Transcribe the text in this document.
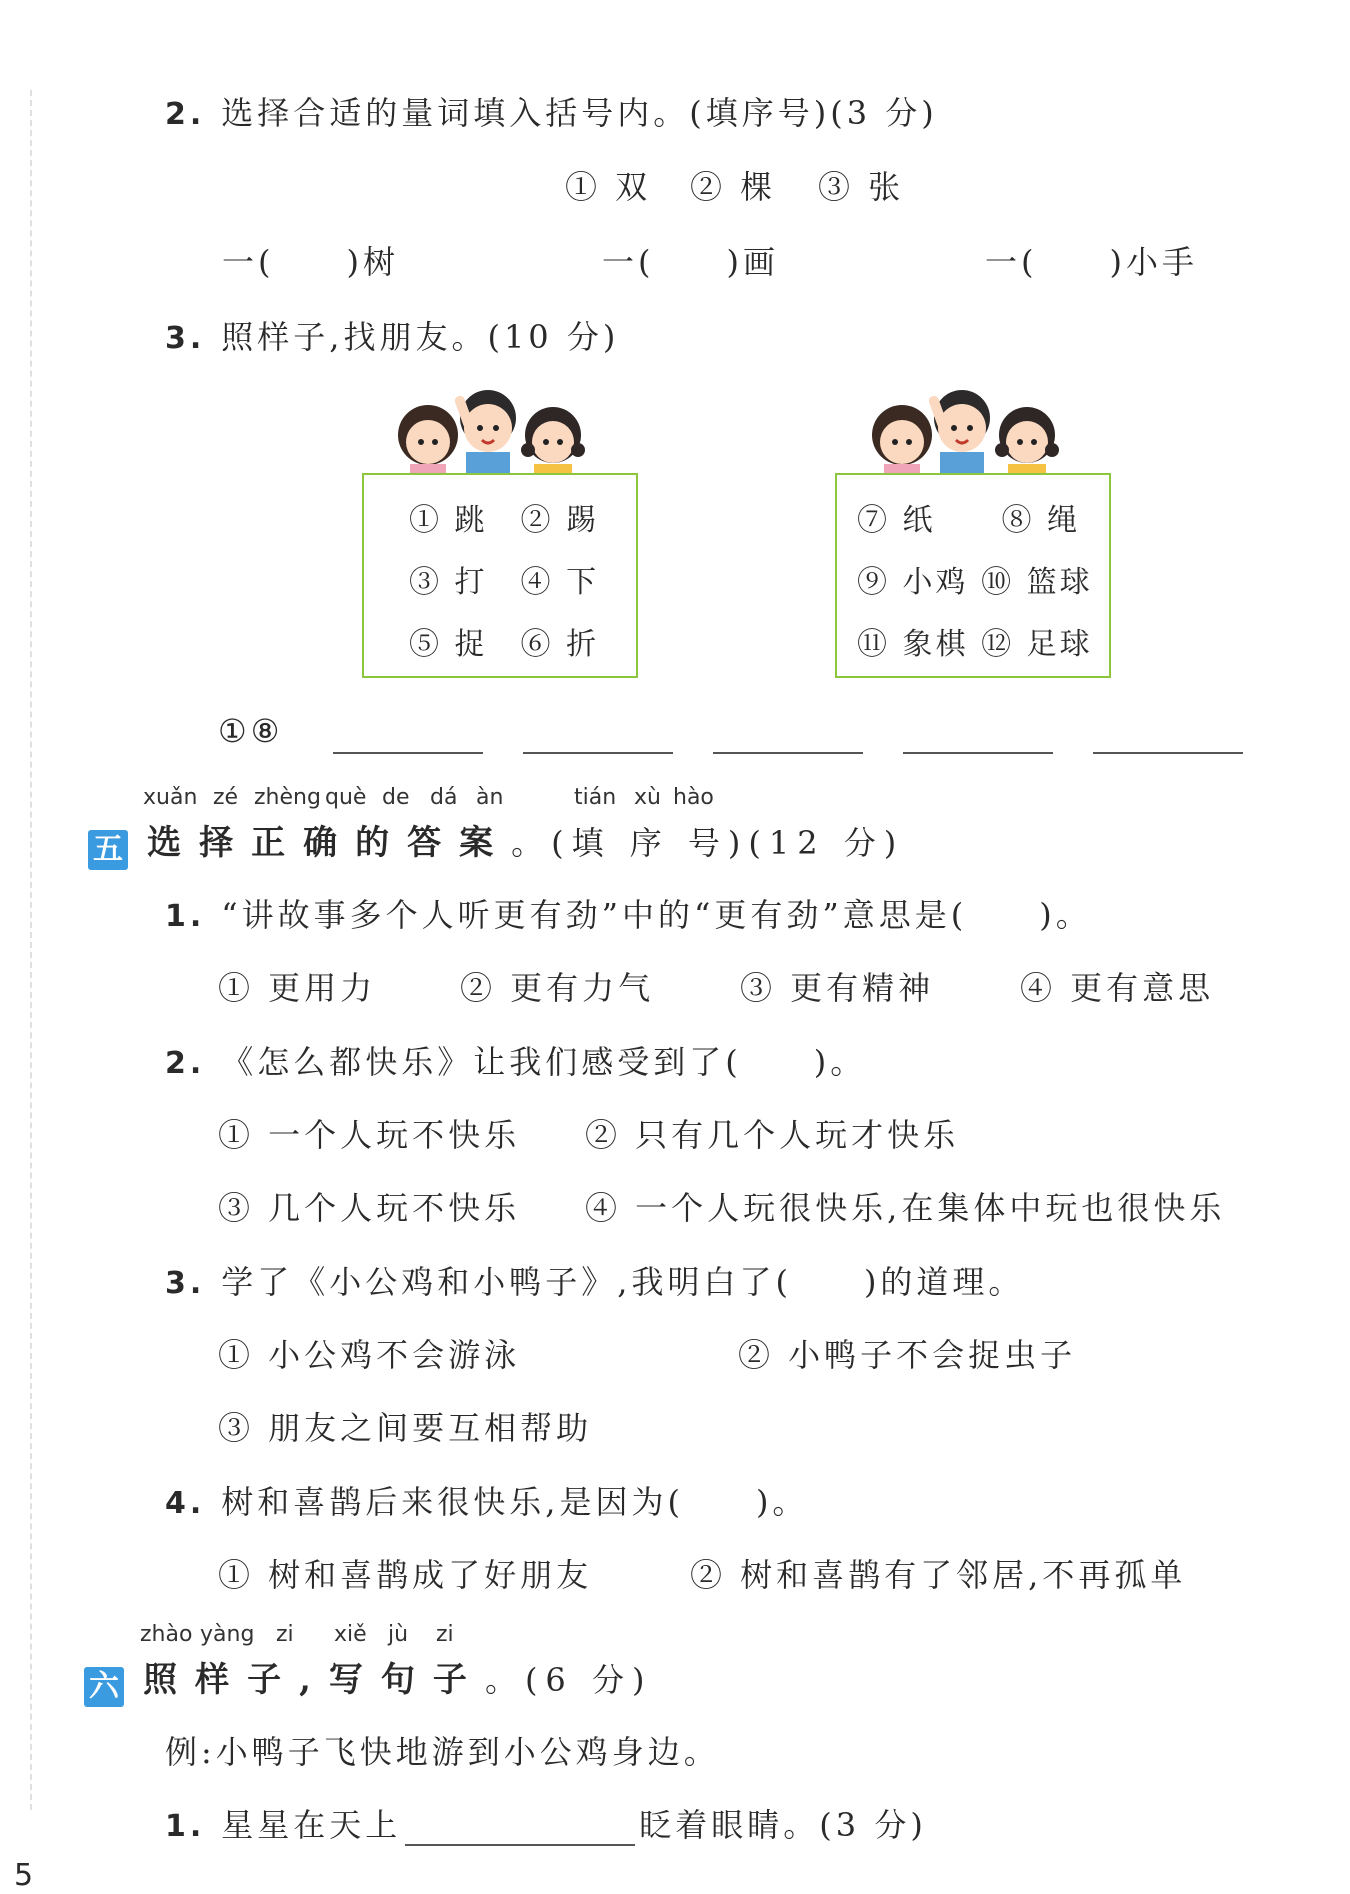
2. 选择合适的量词填入括号内。(填序号)(3 分)
① 双 ② 棵 ③ 张
一(　　)树	一(　　)画	一(　　)小手
3. 照样子,找朋友。(10 分)
① 跳　② 踢
③ 打　④ 下
⑤ 捉　⑥ 折
⑦ 纸　　⑧ 绳
⑨ 小鸡 ⑩ 篮球
⑪ 象棋 ⑫ 足球
①⑧
xuǎn zé zhèng què de dá àn	tián xù hào
五 选择正确的答案。(填 序 号)(12 分)
1. “讲故事多个人听更有劲”中的“更有劲”意思是(　　)。
① 更用力	② 更有力气	③ 更有精神	④ 更有意思
2. 《怎么都快乐》让我们感受到了(　　)。
① 一个人玩不快乐 ② 只有几个人玩才快乐
③ 几个人玩不快乐 ④ 一个人玩很快乐,在集体中玩也很快乐
3. 学了《小公鸡和小鸭子》,我明白了(　　)的道理。
① 小公鸡不会游泳	② 小鸭子不会捉虫子
③ 朋友之间要互相帮助
4. 树和喜鹊后来很快乐,是因为(　　)。
① 树和喜鹊成了好朋友	② 树和喜鹊有了邻居,不再孤单
zhào yàng zi xiě jù zi
六 照样子,写句子。(6 分)
例:小鸭子飞快地游到小公鸡身边。
1. 星星在天上	眨着眼睛。(3 分)
5
